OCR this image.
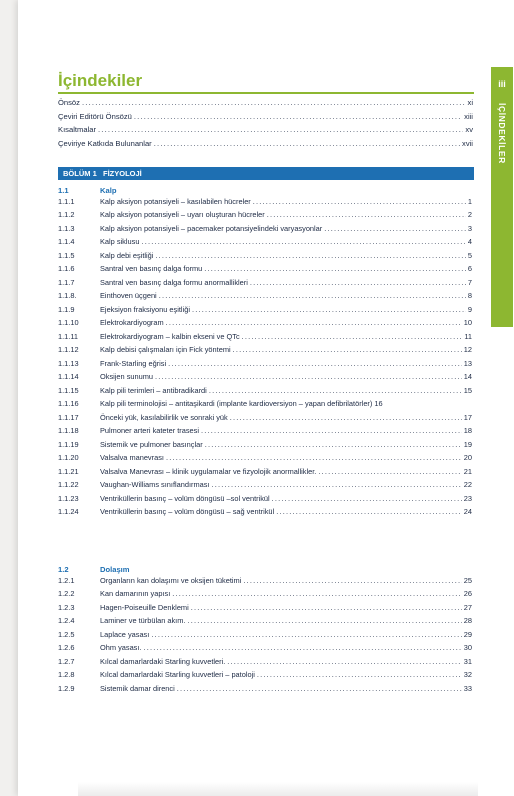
iii
İÇİNDEKİLER
İçindekiler
Önsöz .....	xi
Çeviri Editörü Önsözü .....	xiii
Kısaltmalar .....	xv
Çeviriye Katkıda Bulunanlar .....	xvii
BÖLÜM 1 FİZYOLOJİ
1.1	Kalp
1.1.1	Kalp aksiyon potansiyeli – kasılabilen hücreler .....	1
1.1.2	Kalp aksiyon potansiyeli – uyarı oluşturan hücreler .....	2
1.1.3	Kalp aksiyon potansiyeli – pacemaker potansiyelindeki varyasyonlar .....	3
1.1.4	Kalp siklusu .....	4
1.1.5	Kalp debi eşitliği .....	5
1.1.6	Santral ven basınç dalga formu .....	6
1.1.7	Santral ven basınç dalga formu anormallikleri .....	7
1.1.8.	Einthoven üçgeni .....	8
1.1.9	Ejeksiyon fraksiyonu eşitliği .....	9
1.1.10	Elektrokardiyogram .....	10
1.1.11	Elektrokardiyogram – kalbin ekseni ve QTc .....	11
1.1.12	Kalp debisi çalışmaları için Fick yöntemi .....	12
1.1.13	Frank-Starling eğrisi .....	13
1.1.14	Oksijen sunumu .....	14
1.1.15	Kalp pili terimleri – antibradikardi .....	15
1.1.16	Kalp pili terminolojisi – antitaşikardi (implante kardioversiyon – yapan defibrilatörler) 16
1.1.17	Önceki yük, kasılabilirlik ve sonraki yük .....	17
1.1.18	Pulmoner arteri kateter trasesi .....	18
1.1.19	Sistemik ve pulmoner basınçlar .....	19
1.1.20	Valsalva manevrası .....	20
1.1.21	Valsalva Manevrası – klinik uygulamalar ve fizyolojik anormallikler. .....	21
1.1.22	Vaughan-Williams sınıflandırması .....	22
1.1.23	Ventriküllerin basınç – volüm döngüsü –sol ventrikül .....	23
1.1.24	Ventriküllerin basınç – volüm döngüsü – sağ ventrikül .....	24
1.2	Dolaşım
1.2.1	Organların kan dolaşımı ve oksijen tüketimi .....	25
1.2.2	Kan damarının yapısı .....	26
1.2.3	Hagen-Poiseuille Denklemi .....	27
1.2.4	Laminer ve türbülan akım. .....	28
1.2.5	Laplace yasası .....	29
1.2.6	Ohm yasası. .....	30
1.2.7	Kılcal damarlardaki Starling kuvvetleri. .....	31
1.2.8	Kılcal damarlardaki Starling kuvvetleri – patoloji .....	32
1.2.9	Sistemik damar direnci .....	33
